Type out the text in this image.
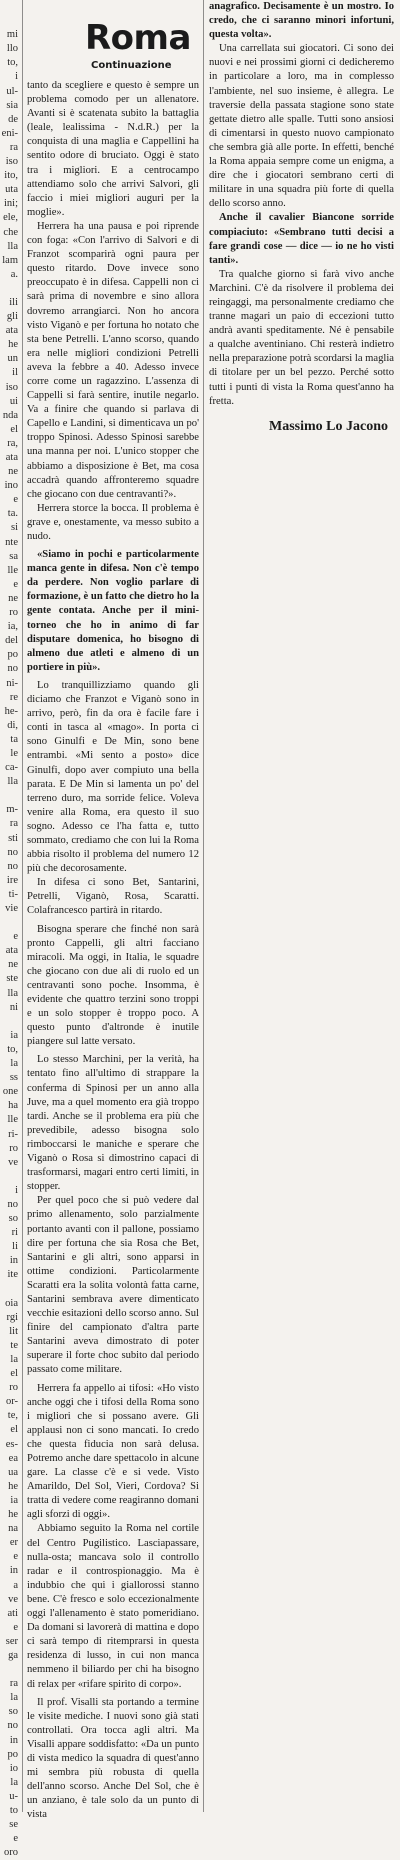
mi
llo
to,
i
ul-
sia
de
eni-
ra
iso
ito,
uta
ini;
ele,
che
lla
lam
a.

ili
gli
ata
he
un
il
iso
ui
nda
el
ra,
ata
ne
ino
e
ta.
si
nte
sa
lle
e
ne
ro
ia,
del
po
no
ni-
re
he-
di,
ta
le
ca-
lla

m-
ra
sti
no
no
ire
ti-
vie

e
ata
ne
ste
lla
ni

ia
to,
la
ss
one
ha
lle
ri-
ro
ve

i
no
so
ri
li
in
ite

oia
rgi
lit
te
la
el
ro
or-
te,
el
es-
ea
ua
he
ia
he
na
er
e
in
a
ve
ati
e
ser
ga

ra
la
so
no
in
po
io
la
u-
to
se
e
oro
Roma
Continuazione

tanto da scegliere e questo è sempre un problema comodo per un allenatore. Avanti si è scatenata subito la battaglia (leale, lealissima - N.d.R.) per la conquista di una maglia e Cappellini ha sentito odore di bruciato. Oggi è stato tra i migliori. E a centrocampo attendiamo solo che arrivi Salvori, gli faccio i miei migliori auguri per la moglie».

Herrera ha una pausa e poi riprende con foga: «Con l'arrivo di Salvori e di Franzot scomparirà ogni paura per questo ritardo. Dove invece sono preoccupato è in difesa. Cappelli non ci sarà prima di novembre e sino allora dovremo arrangiarci. Non ho ancora visto Viganò e per fortuna ho notato che sta bene Petrelli. L'anno scorso, quando era nelle migliori condizioni Petrelli aveva la febbre a 40. Adesso invece corre come un ragazzino. L'assenza di Cappelli si farà sentire, inutile negarlo. Va a finire che quando si parlava di Capello e Landini, si dimenticava un po' troppo Spinosi. Adesso Spinosi sarebbe una manna per noi. L'unico stopper che abbiamo a disposizione è Bet, ma cosa accadrà quando affronteremo squadre che giocano con due centravanti?».

Herrera storce la bocca. Il problema è grave e, onestamente, va messo subito a nudo.

«Siamo in pochi e particolarmente manca gente in difesa. Non c'è tempo da perdere. Non voglio parlare di formazione, è un fatto che dietro ho la gente contata. Anche per il mini-torneo che ho in animo di far disputare domenica, ho bisogno di almeno due atleti e almeno di un portiere in più».

Lo tranquillizziamo quando gli diciamo che Franzot e Viganò sono in arrivo, però, fin da ora è facile fare i conti in tasca al «mago». In porta ci sono Ginulfi e De Min, sono bene entrambi. «Mi sento a posto» dice Ginulfi, dopo aver compiuto una bella parata. E De Min si lamenta un po' del terreno duro, ma sorride felice. Voleva venire alla Roma, era questo il suo sogno. Adesso ce l'ha fatta e, tutto sommato, crediamo che con lui la Roma abbia risolto il problema del numero 12 più che decorosamente.

In difesa ci sono Bet, Santarini, Petrelli, Viganò, Rosa, Scaratti. Colafrancesco partirà in ritardo.

Bisogna sperare che finché non sarà pronto Cappelli, gli altri facciano miracoli. Ma oggi, in Italia, le squadre che giocano con due ali di ruolo ed un centravanti sono poche. Insomma, è evidente che quattro terzini sono troppi e un solo stopper è troppo poco. A questo punto d'altronde è inutile piangere sul latte versato.

Lo stesso Marchini, per la verità, ha tentato fino all'ultimo di strappare la conferma di Spinosi per un anno alla Juve, ma a quel momento era già troppo tardi. Anche se il problema era più che prevedibile, adesso bisogna solo rimboccarsi le maniche e sperare che Viganò o Rosa si dimostrino capaci di trasformarsi, magari entro certi limiti, in stopper.

Per quel poco che si può vedere dal primo allenamento, solo parzialmente portanto avanti con il pallone, possiamo dire per fortuna che sia Rosa che Bet, Santarini e gli altri, sono apparsi in ottime condizioni. Particolarmente Scaratti era la solita volontà fatta carne, Santarini sembrava avere dimenticato vecchie esitazioni dello scorso anno. Sul finire del campionato d'altra parte Santarini aveva dimostrato di poter superare il forte choc subito dal periodo passato come militare.

Herrera fa appello ai tifosi: «Ho visto anche oggi che i tifosi della Roma sono i migliori che si possano avere. Gli applausi non ci sono mancati. Io credo che questa fiducia non sarà delusa. Potremo anche dare spettacolo in alcune gare. La classe c'è e si vede. Visto Amarildo, Del Sol, Vieri, Cordova? Si tratta di vedere come reagiranno domani agli sforzi di oggi».

Abbiamo seguito la Roma nel cortile del Centro Pugilistico. Lasciapassare, nulla-osta; mancava solo il controllo radar e il controspionaggio. Ma è indubbio che qui i giallorossi stanno bene. C'è fresco e solo eccezionalmente oggi l'allenamento è stato pomeridiano. Da domani si lavorerà di mattina e dopo ci sarà tempo di ritemprarsi in questa residenza di lusso, in cui non manca nemmeno il biliardo per chi ha bisogno di relax per «rifare spirito di corpo».

Il prof. Visalli sta portando a termine le visite mediche. I nuovi sono già stati controllati. Ora tocca agli altri. Ma Visalli appare soddisfatto: «Da un punto di vista medico la squadra di quest'anno mi sembra più robusta di quella dell'anno scorso. Anche Del Sol, che è un anziano, è tale solo da un punto di vista

anagrafico. Decisamente è un mostro. Io credo, che ci saranno minori infortuni, questa volta».

Una carrellata sui giocatori. Ci sono dei nuovi e nei prossimi giorni ci dedicheremo in particolare a loro, ma in complesso l'ambiente, nel suo insieme, è allegra. Le traversie della passata stagione sono state gettate dietro alle spalle. Tutti sono ansiosi di cimentarsi in questo nuovo campionato che sembra già alle porte. In effetti, benché la Roma appaia sempre come un enigma, a dire che i giocatori sembrano certi di militare in una squadra più forte di quella dello scorso anno.

Anche il cavalier Biancone sorride compiaciuto: «Sembrano tutti decisi a fare grandi cose — dice — io ne ho visti tanti».

Tra qualche giorno si farà vivo anche Marchini. C'è da risolvere il problema dei reingaggi, ma personalmente crediamo che tranne magari un paio di eccezioni tutto andrà avanti speditamente. Né è pensabile a qualche aventiniano. Chi resterà indietro nella preparazione potrà scordarsi la maglia di titolare per un bel pezzo. Perché sotto tutti i punti di vista la Roma quest'anno ha fretta.

Massimo Lo Jacono
